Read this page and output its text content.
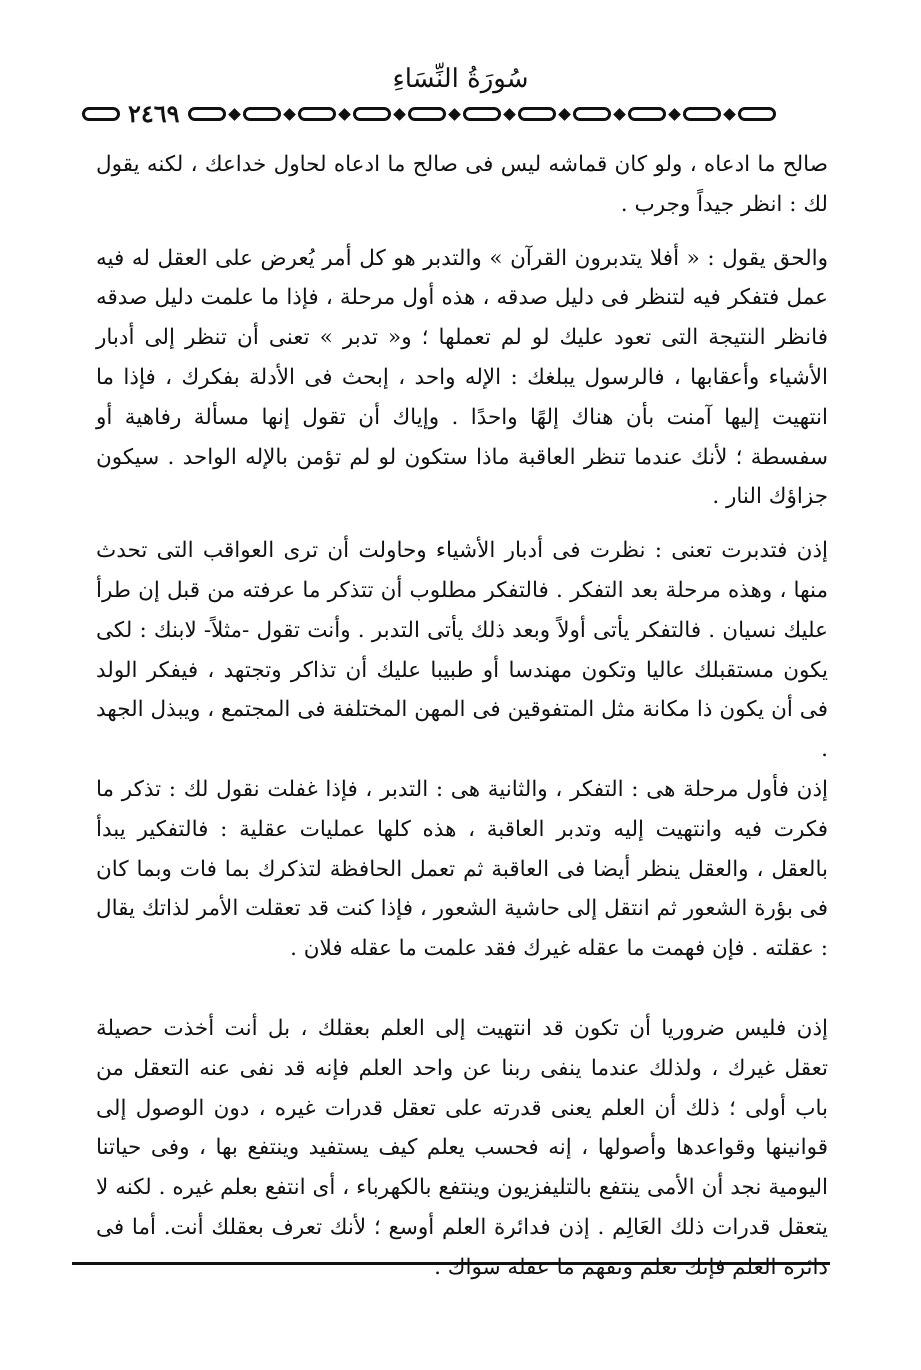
سُورَةُ النِّسَاءِ
٢٤٦٩

صالح ما ادعاه ، ولو كان قماشه ليس فى صالح ما ادعاه لحاول خداعك ، لكنه يقول لك : انظر جيداً وجرب .

والحق يقول : « أفلا يتدبرون القرآن » والتدبر هو كل أمر يُعرض على العقل له فيه عمل فتفكر فيه لتنظر فى دليل صدقه ، هذه أول مرحلة ، فإذا ما علمت دليل صدقه فانظر النتيجة التى تعود عليك لو لم تعملها ؛ و« تدبر » تعنى أن تنظر إلى أدبار الأشياء وأعقابها ، فالرسول يبلغك : الإله واحد ، إبحث فى الأدلة بفكرك ، فإذا ما انتهيت إليها آمنت بأن هناك إلهًا واحدًا . وإياك أن تقول إنها مسألة رفاهية أو سفسطة ؛ لأنك عندما تنظر العاقبة ماذا ستكون لو لم تؤمن بالإله الواحد . سيكون جزاؤك النار .

إذن فتدبرت تعنى : نظرت فى أدبار الأشياء وحاولت أن ترى العواقب التى تحدث منها ، وهذه مرحلة بعد التفكر . فالتفكر مطلوب أن تتذكر ما عرفته من قبل إن طرأ عليك نسيان . فالتفكر يأتى أولاً وبعد ذلك يأتى التدبر . وأنت تقول -مثلاً- لابنك : لكى يكون مستقبلك عاليا وتكون مهندسا أو طبيبا عليك أن تذاكر وتجتهد ، فيفكر الولد فى أن يكون ذا مكانة مثل المتفوقين فى المهن المختلفة فى المجتمع ، ويبذل الجهد .

إذن فأول مرحلة هى : التفكر ، والثانية هى : التدبر ، فإذا غفلت نقول لك : تذكر ما فكرت فيه وانتهيت إليه وتدبر العاقبة ، هذه كلها عمليات عقلية : فالتفكير يبدأ بالعقل ، والعقل ينظر أيضا فى العاقبة ثم تعمل الحافظة لتذكرك بما فات وبما كان فى بؤرة الشعور ثم انتقل إلى حاشية الشعور ، فإذا كنت قد تعقلت الأمر لذاتك يقال : عقلته . فإن فهمت ما عقله غيرك فقد علمت ما عقله فلان .

إذن فليس ضروريا أن تكون قد انتهيت إلى العلم بعقلك ، بل أنت أخذت حصيلة تعقل غيرك ، ولذلك عندما ينفى ربنا عن واحد العلم فإنه قد نفى عنه التعقل من باب أولى ؛ ذلك أن العلم يعنى قدرته على تعقل قدرات غيره ، دون الوصول إلى قوانينها وقواعدها وأصولها ، إنه فحسب يعلم كيف يستفيد وينتفع بها ، وفى حياتنا اليومية نجد أن الأمى ينتفع بالتليفزيون وينتفع بالكهرباء ، أى انتفع بعلم غيره . لكنه لا يتعقل قدرات ذلك العَالِم . إذن فدائرة العلم أوسع ؛ لأنك تعرف بعقلك أنت. أما فى دائرة العلم فإنك تعلم وتفهم ما عقله سواك .
